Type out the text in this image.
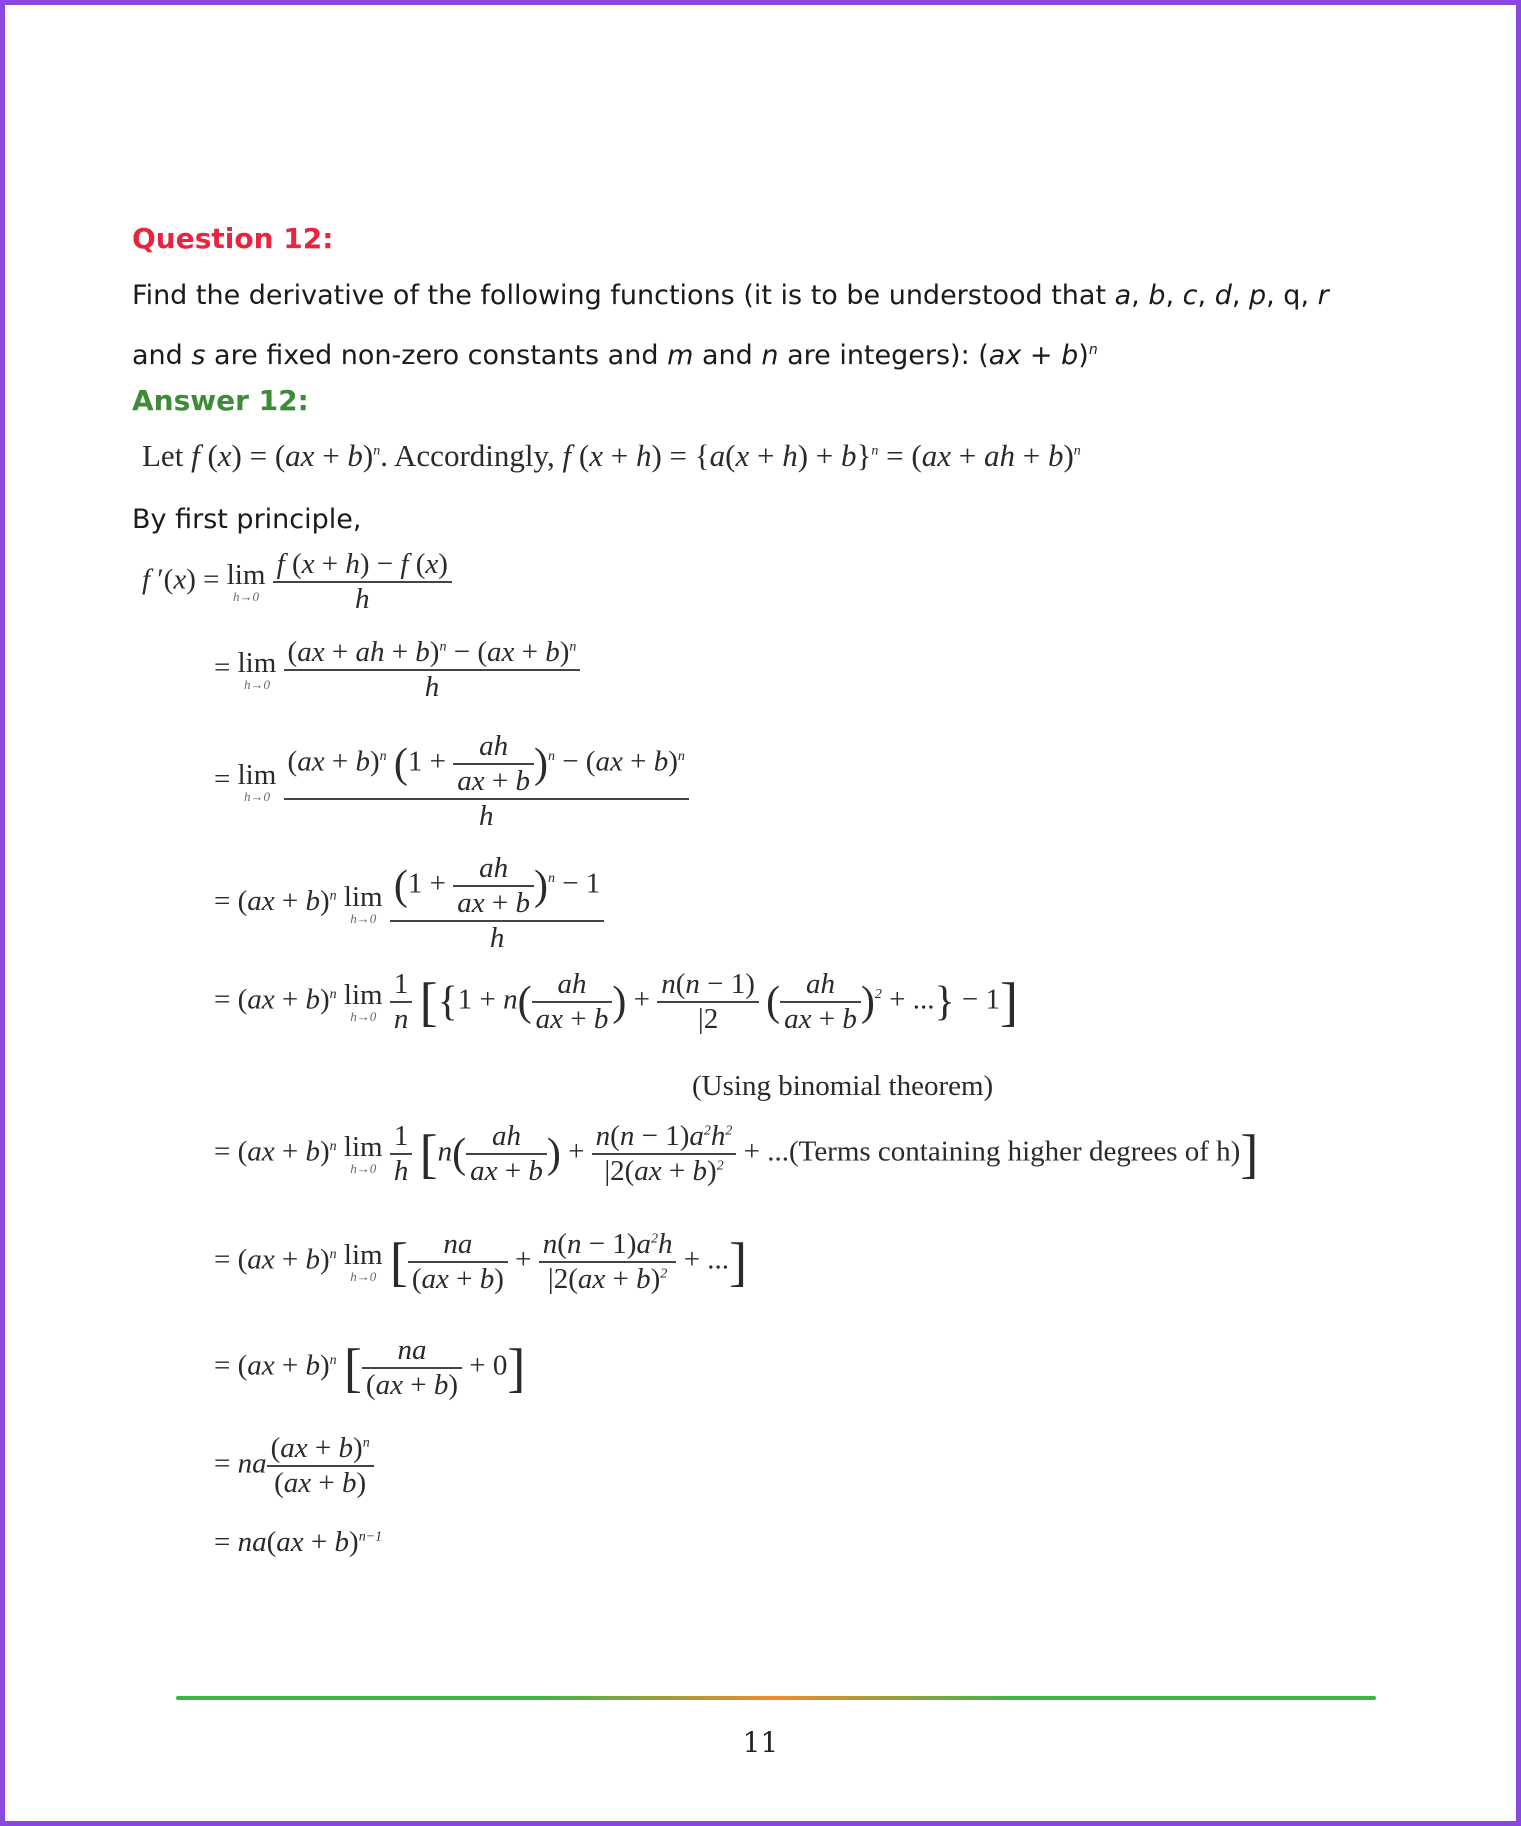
Question 12:
Find the derivative of the following functions (it is to be understood that a, b, c, d, p, q, r
and s are fixed non-zero constants and m and n are integers): (ax + b)$^n$
Answer 12:
Let f (x) = (ax + b)$^n$. Accordingly, f $(x + h) = \{a(x + h) + b\}^n = (ax$ + ah + b)$^n$
By first principle,
f ′(x) = lim
h→0
$\frac{f (x + h) - f (x)}{h}$
= lim
h→0
$\frac{(ax + ah + b)^n - (ax + b)^n}{h}$
= lim
h→0
$\frac{(ax + b)^n (1 + \frac{ah}{ax + b} )^n - (ax + b)^n}{h}$
= (ax + b)$^n$ lim
h→0
$\frac{(1 + \frac{ah}{ax + b} )^n - 1}{h}$
= (ax + b)$^n$ lim
h→0
$\frac{1}{n} [\{1 + n( \frac{ah}{ax + b}$ ) + $\frac{n(n - 1)}{|2}$ ( $\frac{ah}{ax + b} )^2$ + ...} − 1]
(Using binomial theorem)
= (ax + b)$^n$ lim
h→0
$\frac{1}{h} [n( \frac{ah}{ax + b}$ ) + $\frac{n(n - 1)a^2h^2}{|2(ax + b)^2}$ + ...(Terms containing higher degrees of h)]
= (ax + b)$^n$ lim
h→0 [ $\frac{na}{(ax + b)} + \frac{n(n - 1)a^2h}{|2(ax + b)^2}$ + ...]
= (ax + b)$^n$ [ $\frac{na}{(ax + b)} + 0$]
= na $\frac{(ax + b)^n}{(ax + b)}$
= na(ax + b)$^{n-1}$
11
